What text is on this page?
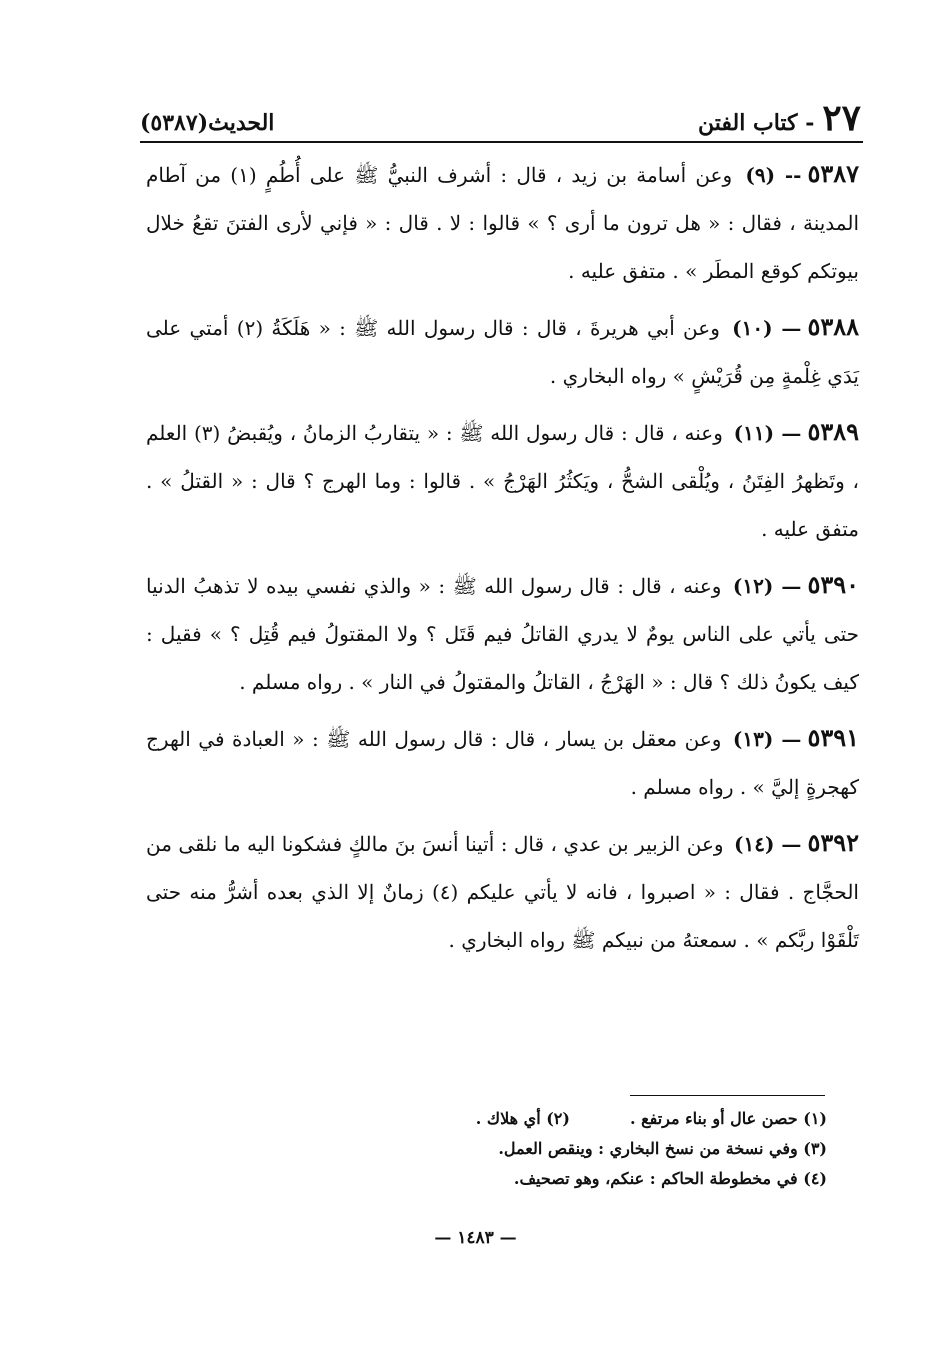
٢٧
- كتاب الفتن
الحديث(٥٣٨٧)

٥٣٨٧-- (٩) وعن أسامة بن زيد ، قال : أشرف النبيُّ ﷺ على أُطُمٍ (١) من آطام المدينة ، فقال : « هل ترون ما أرى ؟ » قالوا : لا . قال : « فإني لأرى الفتنَ تقعُ خلال بيوتكم كوقع المطَر » . متفق عليه .

٥٣٨٨— (١٠) وعن أبي هريرةَ ، قال : قال رسول الله ﷺ : « هَلَكَةُ (٢) أمتي على يَدَي غِلْمةٍ مِن قُرَيْشٍ » رواه البخاري .

٥٣٨٩— (١١) وعنه ، قال : قال رسول الله ﷺ : « يتقاربُ الزمانُ ، ويُقبضُ (٣) العلم ، وتَظهرُ الفِتَنُ ، ويُلْقى الشحُّ ، ويَكثُرُ الهَرْجُ » . قالوا : وما الهرج ؟ قال : « القتلُ » . متفق عليه .

٥٣٩٠— (١٢) وعنه ، قال : قال رسول الله ﷺ : « والذي نفسي بيده لا تذهبُ الدنيا حتى يأتي على الناس يومٌ لا يدري القاتلُ فيم قَتَل ؟ ولا المقتولُ فيم قُتِل ؟ » فقيل : كيف يكونُ ذلك ؟ قال : « الهَرْجُ ، القاتلُ والمقتولُ في النار » . رواه مسلم .

٥٣٩١— (١٣) وعن معقل بن يسار ، قال : قال رسول الله ﷺ : « العبادة في الهرج كهجرةٍ إليَّ » . رواه مسلم .

٥٣٩٢— (١٤) وعن الزبير بن عدي ، قال : أتينا أنسَ بنَ مالكٍ فشكونا اليه ما نلقى من الحجَّاج . فقال : « اصبروا ، فانه لا يأتي عليكم (٤) زمانٌ إلا الذي بعده أشرُّ منه حتى تَلْقَوْا ربَّكم » . سمعتهُ من نبيكم ﷺ رواه البخاري .

(١) حصن عال أو بناء مرتفع .(٢) أي هلاك .
(٣) وفي نسخة من نسخ البخاري : وينقص العمل.
(٤) في مخطوطة الحاكم : عنكم، وهو تصحيف.
— ١٤٨٣ —
